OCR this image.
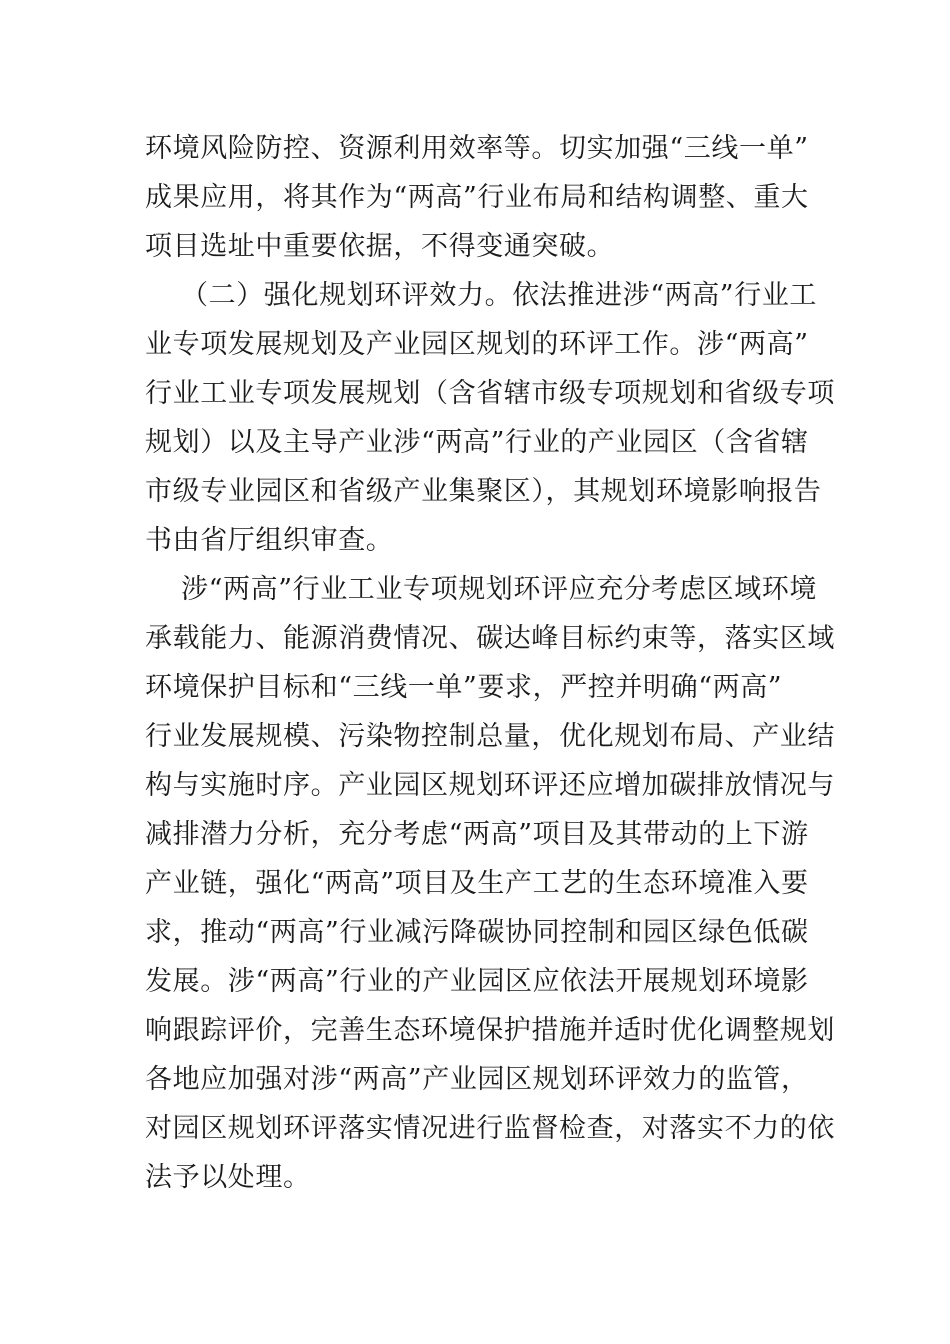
环境风险防控、资源利用效率等。切实加强“三线一单”
成果应用，将其作为“两高”行业布局和结构调整、重大
项目选址中重要依据，不得变通突破。
（二）强化规划环评效力。依法推进涉“两高”行业工
业专项发展规划及产业园区规划的环评工作。涉“两高”
行业工业专项发展规划（含省辖市级专项规划和省级专项
规划）以及主导产业涉“两高”行业的产业园区（含省辖
市级专业园区和省级产业集聚区），其规划环境影响报告
书由省厅组织审查。
涉“两高”行业工业专项规划环评应充分考虑区域环境
承载能力、能源消费情况、碳达峰目标约束等，落实区域
环境保护目标和“三线一单”要求，严控并明确“两高”
行业发展规模、污染物控制总量，优化规划布局、产业结
构与实施时序。产业园区规划环评还应增加碳排放情况与
减排潜力分析，充分考虑“两高”项目及其带动的上下游
产业链，强化“两高”项目及生产工艺的生态环境准入要
求，推动“两高”行业减污降碳协同控制和园区绿色低碳
发展。涉“两高”行业的产业园区应依法开展规划环境影
响跟踪评价，完善生态环境保护措施并适时优化调整规划
各地应加强对涉“两高”产业园区规划环评效力的监管，
对园区规划环评落实情况进行监督检查，对落实不力的依
法予以处理。
